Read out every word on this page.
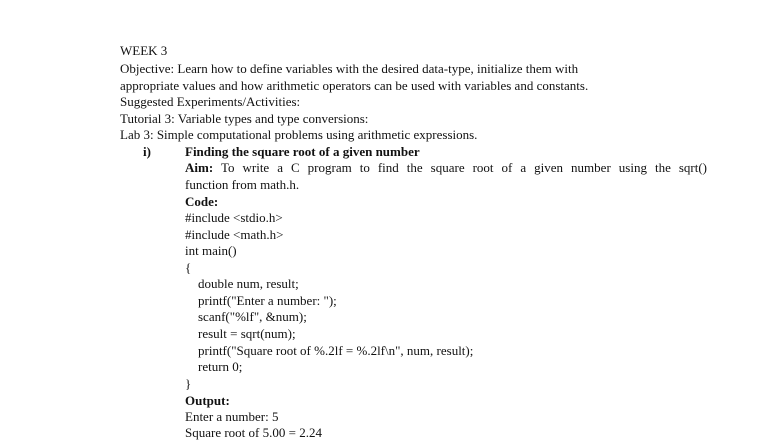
WEEK 3
Objective: Learn how to define variables with the desired data-type, initialize them with
appropriate values and how arithmetic operators can be used with variables and constants.
Suggested Experiments/Activities:
Tutorial 3: Variable types and type conversions:
Lab 3: Simple computational problems using arithmetic expressions.
i)	Finding the square root of a given number
Aim: To write a C program to find the square root of a given number using the sqrt()
function from math.h.
Code:
#include <stdio.h>
#include <math.h>
int main()
{
double num, result;
printf("Enter a number: ");
scanf("%lf", &num);
result = sqrt(num);
printf("Square root of %.2lf = %.2lf\n", num, result);
return 0;
}
Output:
Enter a number: 5
Square root of 5.00 = 2.24
